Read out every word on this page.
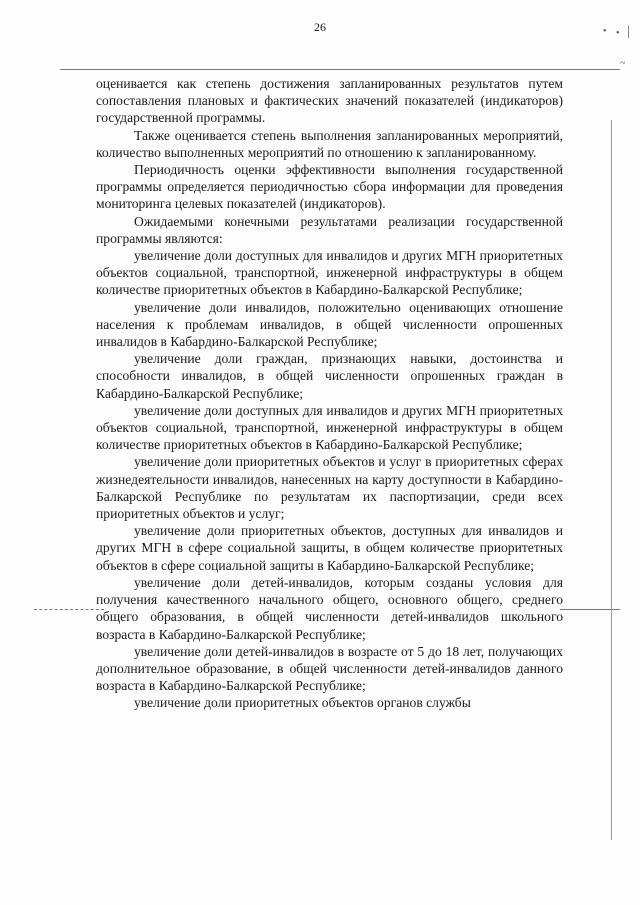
26	• • |
~

оценивается как степень достижения запланированных результатов путем сопоставления плановых и фактических значений показателей (индикаторов) государственной программы.

Также оценивается степень выполнения запланированных мероприятий, количество выполненных мероприятий по отношению к запланированному.

Периодичность оценки эффективности выполнения государственной программы определяется периодичностью сбора информации для проведения мониторинга целевых показателей (индикаторов).

Ожидаемыми конечными результатами реализации государственной программы являются:

увеличение доли доступных для инвалидов и других МГН приоритетных объектов социальной, транспортной, инженерной инфраструктуры в общем количестве приоритетных объектов в Кабардино-Балкарской Республике;

увеличение доли инвалидов, положительно оценивающих отношение населения к проблемам инвалидов, в общей численности опрошенных инвалидов в Кабардино-Балкарской Республике;

увеличение доли граждан, признающих навыки, достоинства и способности инвалидов, в общей численности опрошенных граждан в Кабардино-Балкарской Республике;

увеличение доли доступных для инвалидов и других МГН приоритетных объектов социальной, транспортной, инженерной инфраструктуры в общем количестве приоритетных объектов в Кабардино-Балкарской Республике;

увеличение доли приоритетных объектов и услуг в приоритетных сферах жизнедеятельности инвалидов, нанесенных на карту доступности в Кабардино-Балкарской Республике по результатам их паспортизации, среди всех приоритетных объектов и услуг;

увеличение доли приоритетных объектов, доступных для инвалидов и других МГН в сфере социальной защиты, в общем количестве приоритетных объектов в сфере социальной защиты в Кабардино-Балкарской Республике;

увеличение доли детей-инвалидов, которым созданы условия для получения качественного начального общего, основного общего, среднего общего образования, в общей численности детей-инвалидов школьного возраста в Кабардино-Балкарской Республике;

увеличение доли детей-инвалидов в возрасте от 5 до 18 лет, получающих дополнительное образование, в общей численности детей-инвалидов данного возраста в Кабардино-Балкарской Республике;

увеличение доли приоритетных объектов органов службы
